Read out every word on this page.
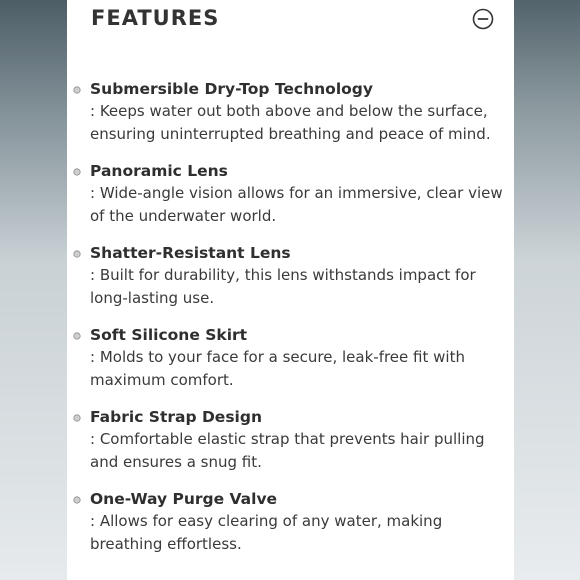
FEATURES
Submersible Dry-Top Technology
: Keeps water out both above and below the surface, ensuring uninterrupted breathing and peace of mind.
Panoramic Lens
: Wide-angle vision allows for an immersive, clear view of the underwater world.
Shatter-Resistant Lens
: Built for durability, this lens withstands impact for long-lasting use.
Soft Silicone Skirt
: Molds to your face for a secure, leak-free fit with maximum comfort.
Fabric Strap Design
: Comfortable elastic strap that prevents hair pulling and ensures a snug fit.
One-Way Purge Valve
: Allows for easy clearing of any water, making breathing effortless.
